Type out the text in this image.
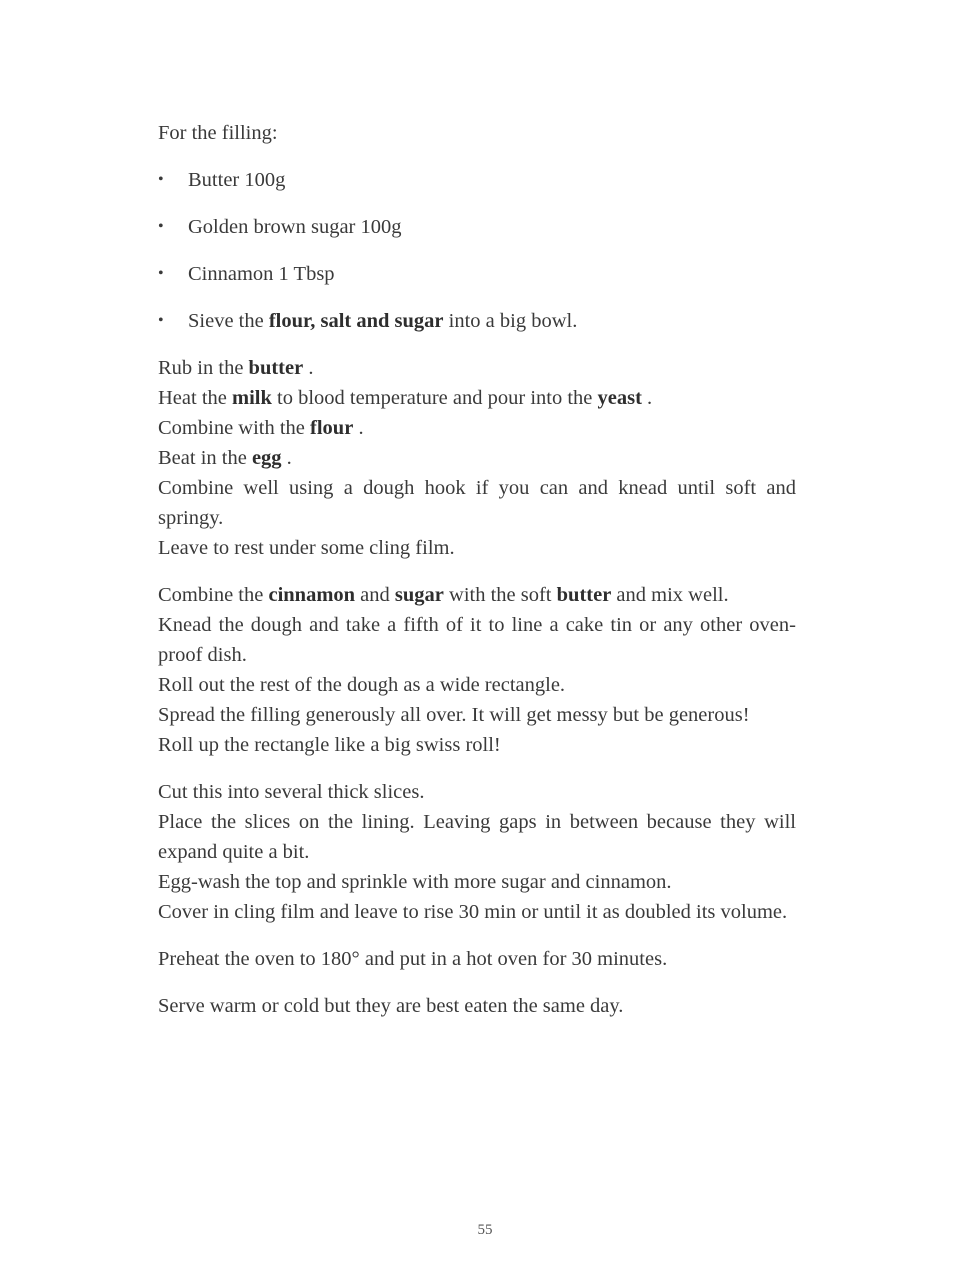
For the filling:

• Butter 100g
• Golden brown sugar 100g
• Cinnamon 1 Tbsp
• Sieve the flour, salt and sugar into a big bowl.
Rub in the butter .
Heat the milk to blood temperature and pour into the yeast .
Combine with the flour .
Beat in the egg .
Combine well using a dough hook if you can and knead until soft and springy.
Leave to rest under some cling film.
Combine the cinnamon and sugar with the soft butter and mix well.
Knead the dough and take a fifth of it to line a cake tin or any other oven-proof dish.
Roll out the rest of the dough as a wide rectangle.
Spread the filling generously all over. It will get messy but be generous!
Roll up the rectangle like a big swiss roll!
Cut this into several thick slices.
Place the slices on the lining. Leaving gaps in between because they will expand quite a bit.
Egg-wash the top and sprinkle with more sugar and cinnamon.
Cover in cling film and leave to rise 30 min or until it as doubled its volume.

Preheat the oven to 180° and put in a hot oven for 30 minutes.

Serve warm or cold but they are best eaten the same day.

55
